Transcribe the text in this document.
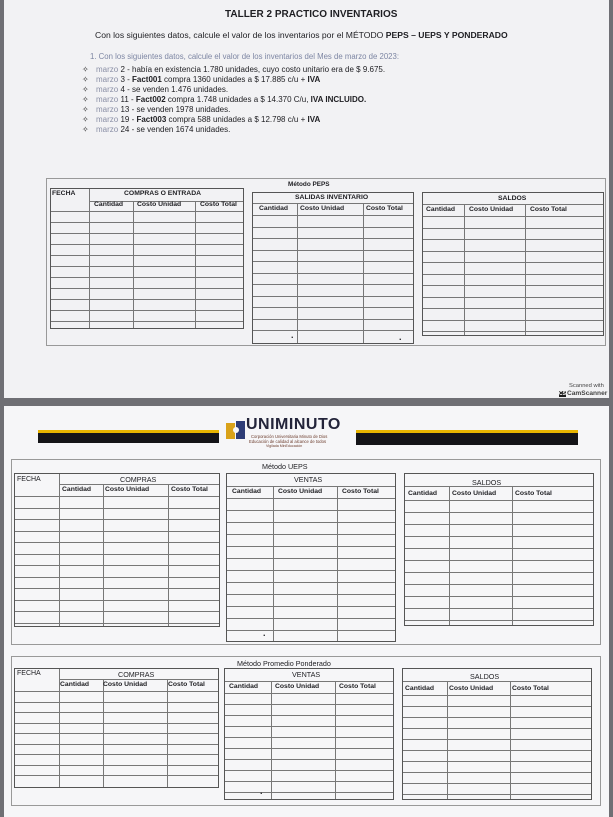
TALLER 2 PRACTICO INVENTARIOS
Con los siguientes datos, calcule el valor de los inventarios por el MÉTODO PEPS – UEPS Y PONDERADO
1. Con los siguientes datos, calcule el valor de los inventarios del Mes de marzo de 2023:
✧ marzo 2 - había en existencia 1.780 unidades, cuyo costo unitario era de $ 9.675.
✧ marzo 3 - Fact001 compra 1360 unidades a $ 17.885 c/u + IVA
✧ marzo 4 - se venden 1.476 unidades.
✧ marzo 11 - Fact002 compra 1.748 unidades a $ 14.370 C/u, IVA INCLUIDO.
✧ marzo 13 - se venden 1978 unidades.
✧ marzo 19 - Fact003 compra 588 unidades a $ 12.798 c/u + IVA
✧ marzo 24 - se venden 1674 unidades.
Método PEPS
FECHA	COMPRAS O ENTRADA
Cantidad Costo Unidad	Costo Total
SALIDAS INVENTARIO
Cantidad Costo Unidad	Costo Total
.	.
SALDOS
Cantidad Costo Unidad Costo Total
Scanned with
CSCamScanner
UNIMINUTO
Corporación Universitaria Minuto de Dios
Educación de calidad al alcance de todos
Vigilada MinEducación
Método UEPS
FECHA	COMPRAS
Cantidad Costo Unidad	Costo Total
VENTAS
Cantidad Costo Unidad	Costo Total
.
SALDOS
Cantidad Costo Unidad	Costo Total
Método Promedio Ponderado
FECHA	COMPRAS
Cantidad Costo Unidad	Costo Total
VENTAS
Cantidad Costo Unidad	Costo Total
.
SALDOS
Cantidad Costo Unidad	Costo Total
